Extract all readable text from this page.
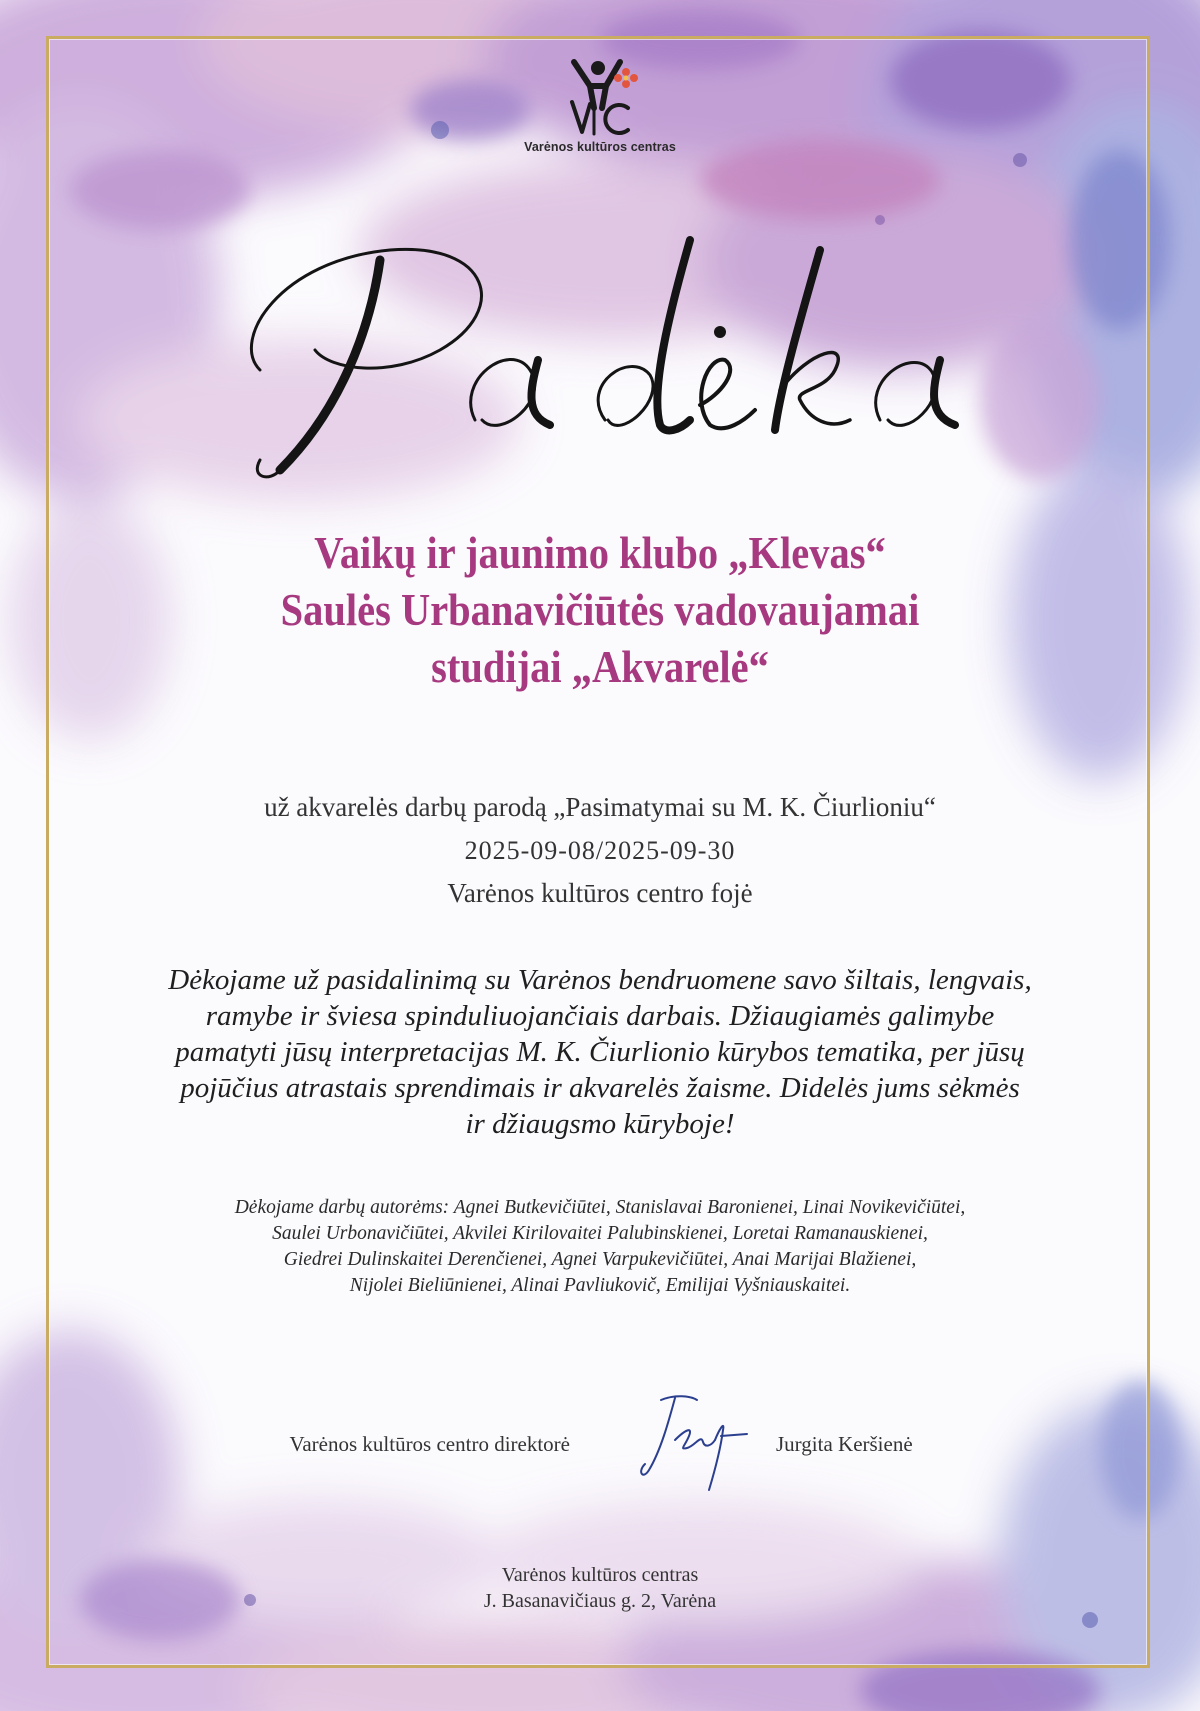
Varėnos kultūros centras
Vaikų ir jaunimo klubo „Klevas“
Saulės Urbanavičiūtės vadovaujamai
studijai „Akvarelė“
už akvarelės darbų parodą „Pasimatymai su M. K. Čiurlioniu“
2025-09-08/2025-09-30
Varėnos kultūros centro fojė
Dėkojame už pasidalinimą su Varėnos bendruomene savo šiltais, lengvais,
ramybe ir šviesa spinduliuojančiais darbais. Džiaugiamės galimybe
pamatyti jūsų interpretacijas M. K. Čiurlionio kūrybos tematika, per jūsų
pojūčius atrastais sprendimais ir akvarelės žaisme. Didelės jums sėkmės
ir džiaugsmo kūryboje!
Dėkojame darbų autorėms: Agnei Butkevičiūtei, Stanislavai Baronienei, Linai Novikevičiūtei,
Saulei Urbonavičiūtei, Akvilei Kirilovaitei Palubinskienei, Loretai Ramanauskienei,
Giedrei Dulinskaitei Derenčienei, Agnei Varpukevičiūtei, Anai Marijai Blažienei,
Nijolei Bieliūnienei, Alinai Pavliukovič, Emilijai Vyšniauskaitei.
Varėnos kultūros centro direktorė	Jurgita Keršienė
Varėnos kultūros centras
J. Basanavičiaus g. 2, Varėna
